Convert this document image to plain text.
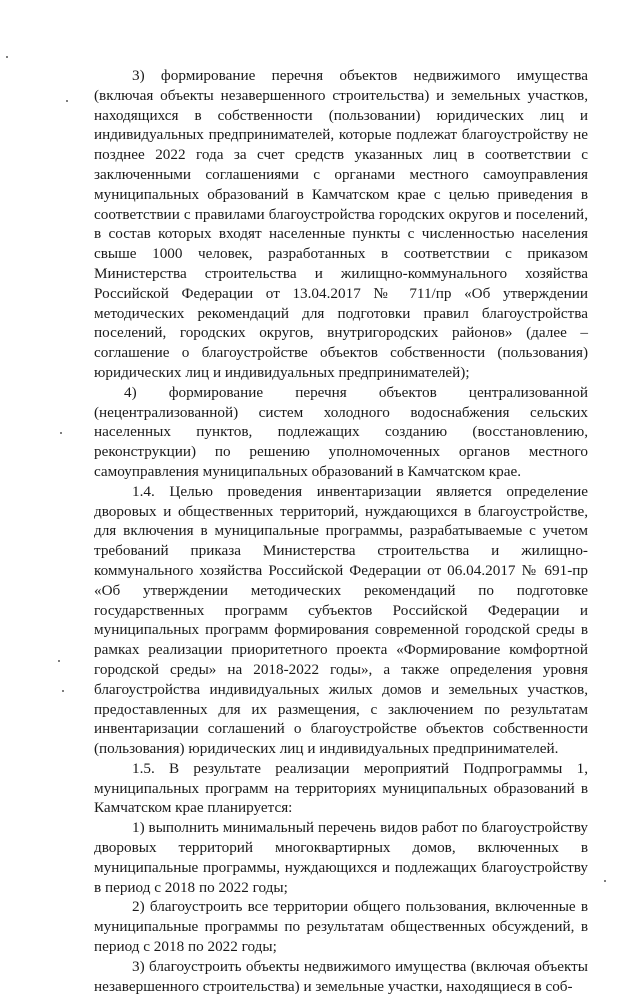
3) формирование перечня объектов недвижимого имущества (включая объекты незавершенного строительства) и земельных участков, находящихся в собственности (пользовании) юридических лиц и индивидуальных предпринимателей, которые подлежат благоустройству не позднее 2022 года за счет средств указанных лиц в соответствии с заключенными соглашениями с органами местного самоуправления муниципальных образований в Камчатском крае с целью приведения в соответствии с правилами благоустройства городских округов и поселений, в состав которых входят населенные пункты с численностью населения свыше 1000 человек, разработанных в соответствии с приказом Министерства строительства и жилищно-коммунального хозяйства Российской Федерации от 13.04.2017 № 711/пр «Об утверждении методических рекомендаций для подготовки правил благоустройства поселений, городских округов, внутригородских районов» (далее – соглашение о благоустройстве объектов собственности (пользования) юридических лиц и индивидуальных предпринимателей);

4) формирование перечня объектов централизованной (нецентрализованной) систем холодного водоснабжения сельских населенных пунктов, подлежащих созданию (восстановлению, реконструкции) по решению уполномоченных органов местного самоуправления муниципальных образований в Камчатском крае.

1.4. Целью проведения инвентаризации является определение дворовых и общественных территорий, нуждающихся в благоустройстве, для включения в муниципальные программы, разрабатываемые с учетом требований приказа Министерства строительства и жилищно-коммунального хозяйства Российской Федерации от 06.04.2017 № 691-пр «Об утверждении методических рекомендаций по подготовке государственных программ субъектов Российской Федерации и муниципальных программ формирования современной городской среды в рамках реализации приоритетного проекта «Формирование комфортной городской среды» на 2018-2022 годы», а также определения уровня благоустройства индивидуальных жилых домов и земельных участков, предоставленных для их размещения, с заключением по результатам инвентаризации соглашений о благоустройстве объектов собственности (пользования) юридических лиц и индивидуальных предпринимателей.

1.5. В результате реализации мероприятий Подпрограммы 1, муниципальных программ на территориях муниципальных образований в Камчатском крае планируется:

1) выполнить минимальный перечень видов работ по благоустройству дворовых территорий многоквартирных домов, включенных в муниципальные программы, нуждающихся и подлежащих благоустройству в период с 2018 по 2022 годы;

2) благоустроить все территории общего пользования, включенные в муниципальные программы по результатам общественных обсуждений, в период с 2018 по 2022 годы;

3) благоустроить объекты недвижимого имущества (включая объекты незавершенного строительства) и земельные участки, находящиеся в соб-
